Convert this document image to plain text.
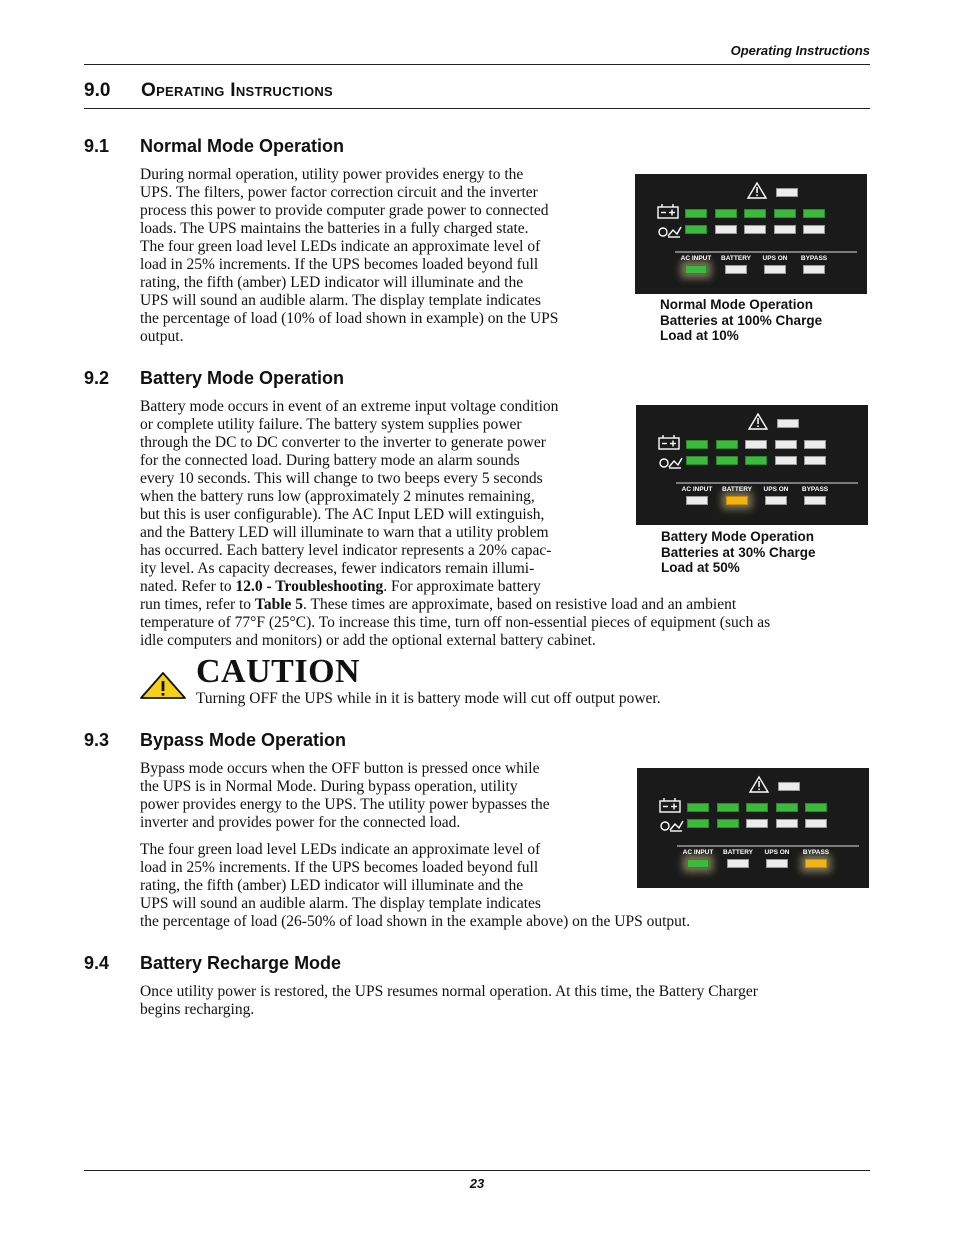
Operating Instructions
9.0 Operating Instructions
9.1 Normal Mode Operation

During normal operation, utility power provides energy to the

UPS. The filters, power factor correction circuit and the inverter

process this power to provide computer grade power to connected

loads. The UPS maintains the batteries in a fully charged state.

The four green load level LEDs indicate an approximate level of

load in 25% increments. If the UPS becomes loaded beyond full

rating, the fifth (amber) LED indicator will illuminate and the

UPS will sound an audible alarm. The display template indicates

the percentage of load (10% of load shown in example) on the UPS

output.

AC INPUT BATTERY UPS ON BYPASS
Normal Mode Operation
Batteries at 100% Charge
Load at 10%
9.2 Battery Mode Operation

Battery mode occurs in event of an extreme input voltage condition

or complete utility failure. The battery system supplies power

through the DC to DC converter to the inverter to generate power

for the connected load. During battery mode an alarm sounds

every 10 seconds. This will change to two beeps every 5 seconds

when the battery runs low (approximately 2 minutes remaining,

but this is user configurable). The AC Input LED will extinguish,

and the Battery LED will illuminate to warn that a utility problem

has occurred. Each battery level indicator represents a 20% capac-

ity level. As capacity decreases, fewer indicators remain illumi-

nated. Refer to 12.0 - Troubleshooting. For approximate battery

run times, refer to Table 5. These times are approximate, based on resistive load and an ambient

temperature of 77°F (25°C). To increase this time, turn off non-essential pieces of equipment (such as

idle computers and monitors) or add the optional external battery cabinet.

AC INPUT BATTERY UPS ON BYPASS
Battery Mode Operation
Batteries at 30% Charge
Load at 50%
CAUTION
Turning OFF the UPS while in it is battery mode will cut off output power.
9.3 Bypass Mode Operation

Bypass mode occurs when the OFF button is pressed once while

the UPS is in Normal Mode. During bypass operation, utility

power provides energy to the UPS. The utility power bypasses the

inverter and provides power for the connected load.

The four green load level LEDs indicate an approximate level of

load in 25% increments. If the UPS becomes loaded beyond full

rating, the fifth (amber) LED indicator will illuminate and the

UPS will sound an audible alarm. The display template indicates

the percentage of load (26-50% of load shown in the example above) on the UPS output.

AC INPUT BATTERY UPS ON BYPASS
9.4 Battery Recharge Mode

Once utility power is restored, the UPS resumes normal operation. At this time, the Battery Charger

begins recharging.

23
